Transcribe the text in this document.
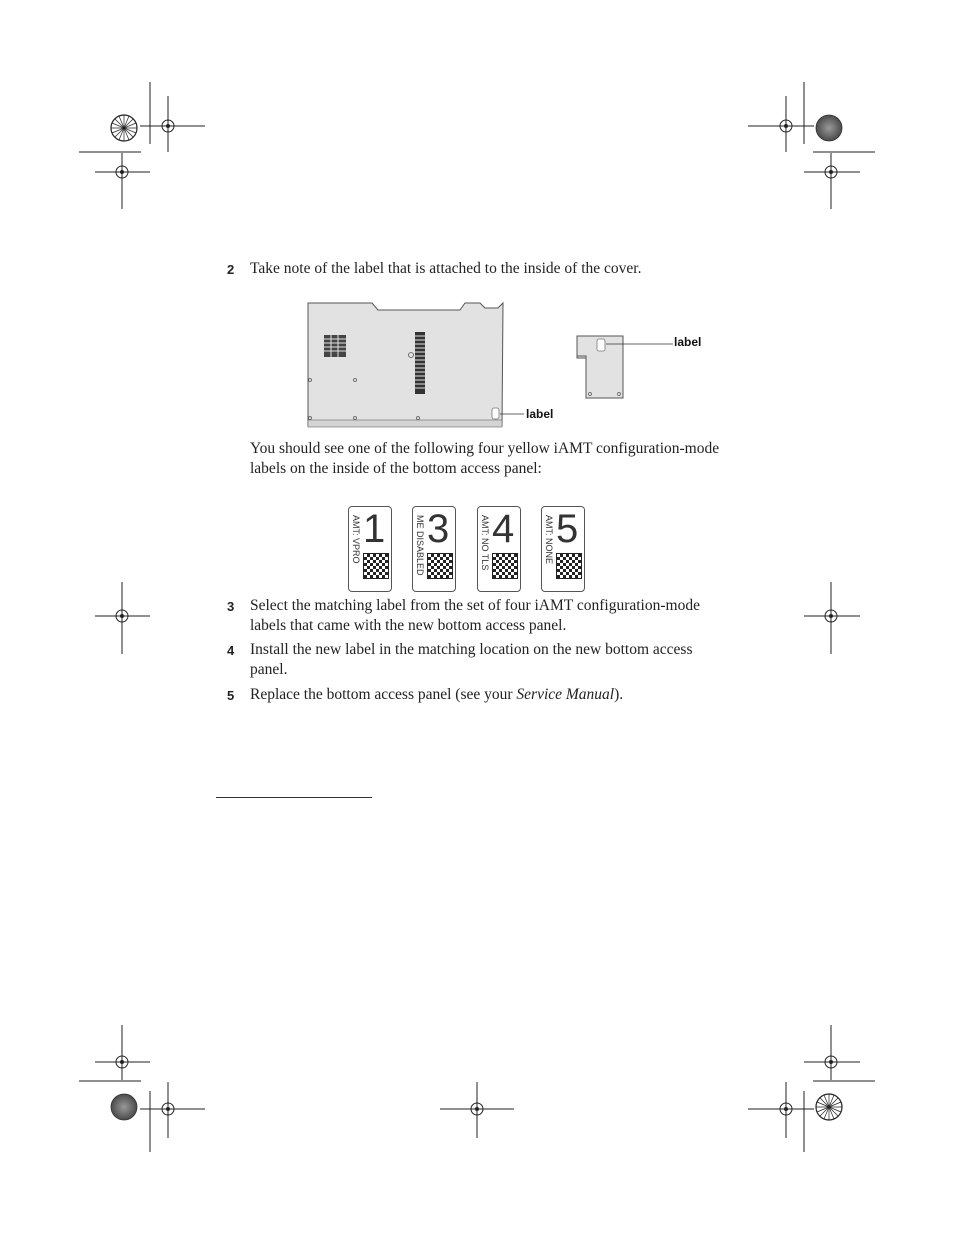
2	Take note of the label that is attached to the inside of the cover.
label
label
You should see one of the following four yellow iAMT configuration-mode labels on the inside of the bottom access panel:
1
AMT: VPRO 3
ME DISABLED 4
AMT: NO TLS 5
AMT: NONE
3	Select the matching label from the set of four iAMT configuration-mode labels that came with the new bottom access panel.
4	Install the new label in the matching location on the new bottom access panel.
5	Replace the bottom access panel (see your Service Manual).
